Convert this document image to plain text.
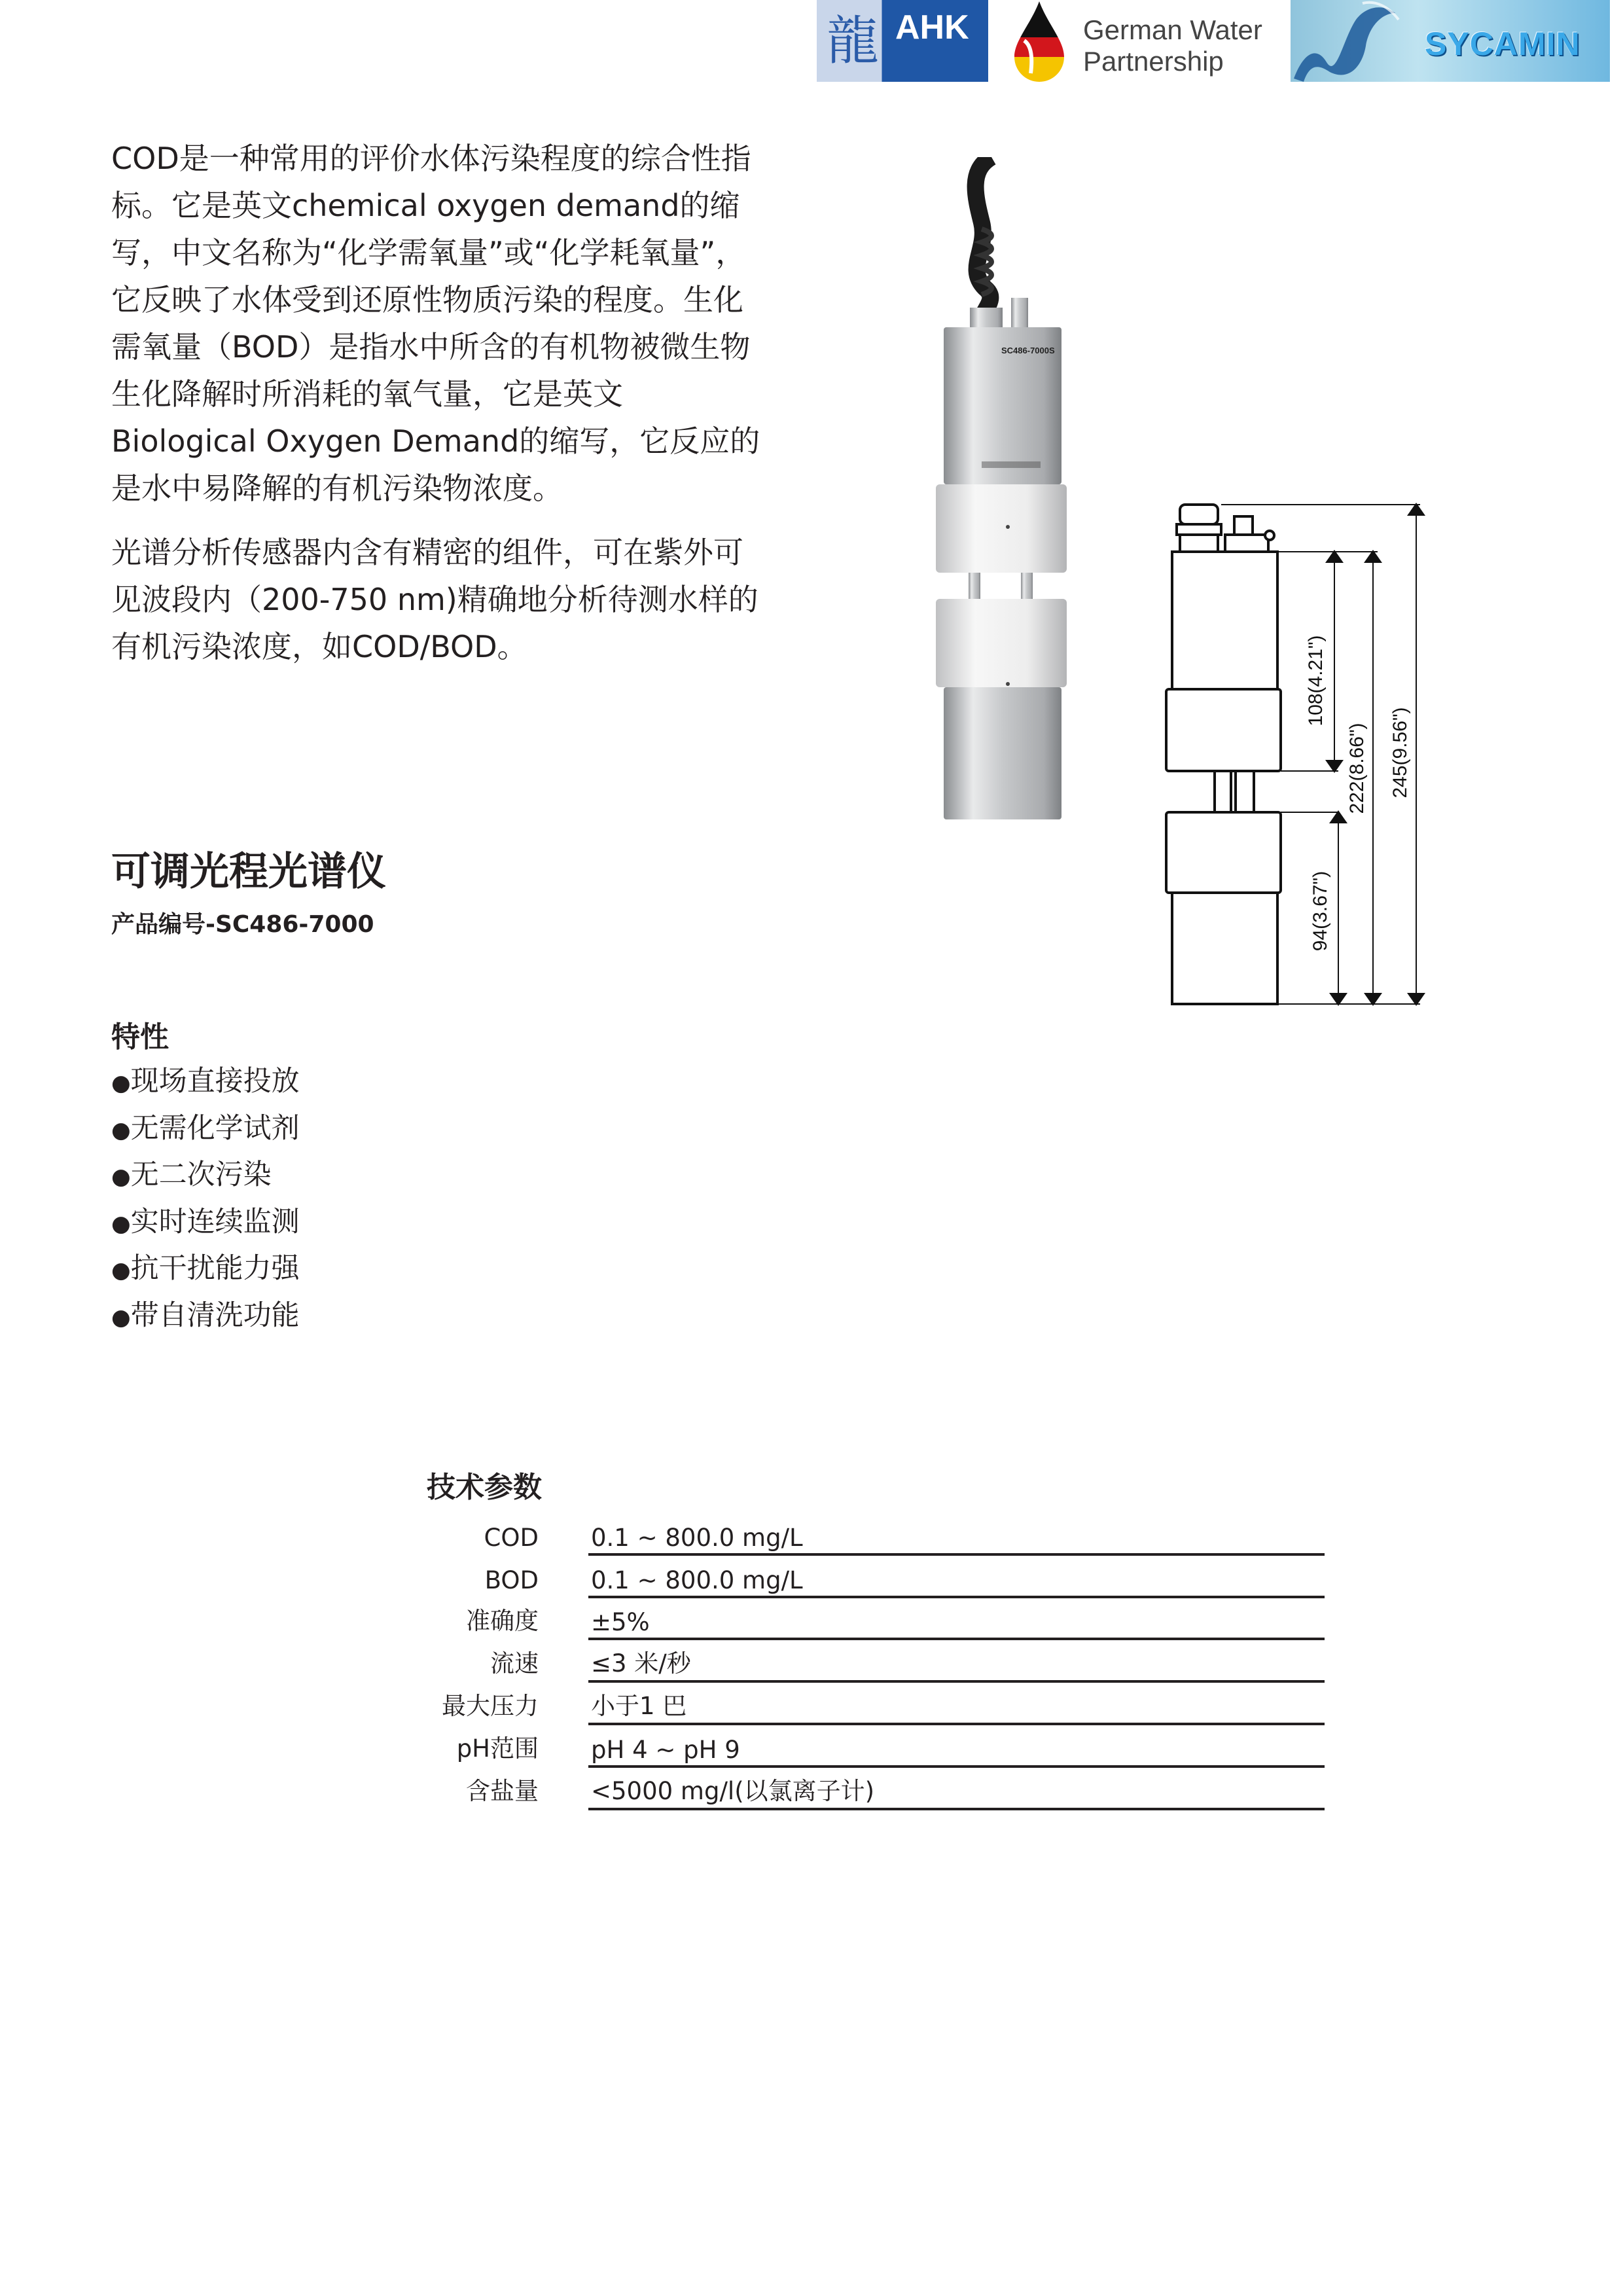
龍 AHK	German Water
Partnership	SYCAMIN

COD是一种常用的评价水体污染程度的综合性指标。它是英文chemical oxygen demand的缩写，中文名称为“化学需氧量”或“化学耗氧量”，它反映了水体受到还原性物质污染的程度。生化需氧量（BOD）是指水中所含的有机物被微生物生化降解时所消耗的氧气量，它是英文Biological Oxygen Demand的缩写，它反应的是水中易降解的有机污染物浓度。

光谱分析传感器内含有精密的组件，可在紫外可见波段内（200-750 nm)精确地分析待测水样的有机污染浓度，如COD/BOD。

SC486-7000S
108(4.21")
222(8.66") 245(9.56")
94(3.67")
可调光程光谱仪
产品编号-SC486-7000
特性
● 现场直接投放
● 无需化学试剂
● 无二次污染
● 实时连续监测
● 抗干扰能力强
● 带自清洗功能
技术参数
COD 0.1 ~ 800.0 mg/L
BOD 0.1 ~ 800.0 mg/L
准确度 ±5%
流速 ≤3 米/秒
最大压力 小于1 巴
pH范围 pH 4 ~ pH 9
含盐量 <5000 mg/l(以氯离子计)
